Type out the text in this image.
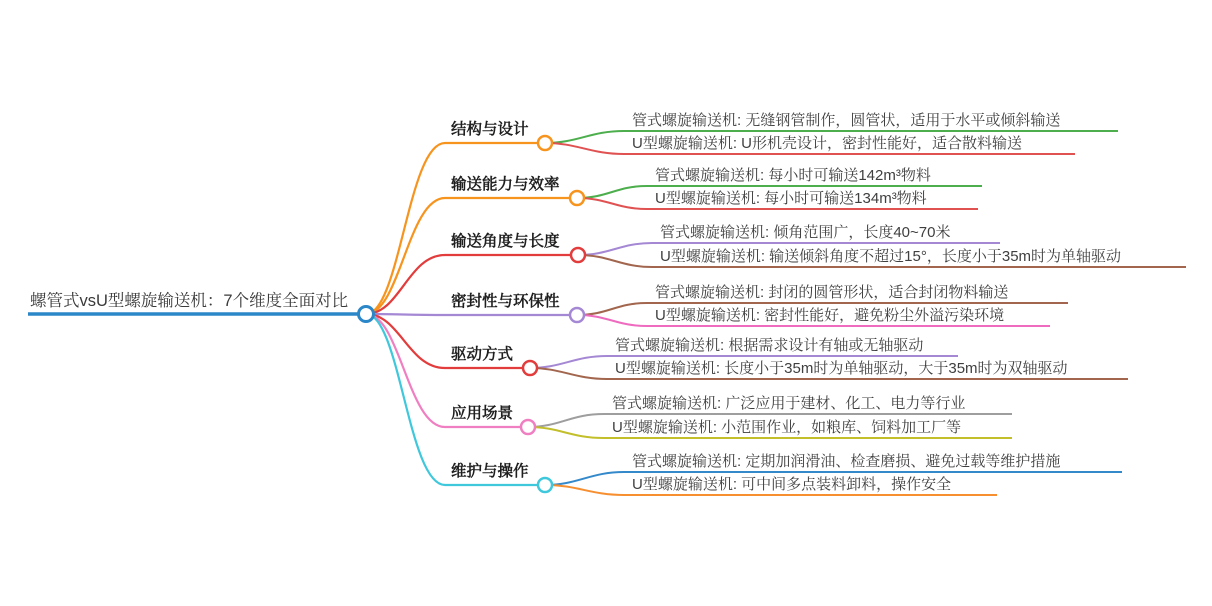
螺管式vsU型螺旋输送机：7个维度全面对比
结构与设计
输送能力与效率
输送角度与长度
密封性与环保性
驱动方式
应用场景
维护与操作
管式螺旋输送机: 无缝钢管制作，圆管状，适用于水平或倾斜输送
U型螺旋输送机: U形机壳设计，密封性能好，适合散料输送
管式螺旋输送机: 每小时可输送142m³物料
U型螺旋输送机: 每小时可输送134m³物料
管式螺旋输送机: 倾角范围广，长度40~70米
U型螺旋输送机: 输送倾斜角度不超过15°，长度小于35m时为单轴驱动
管式螺旋输送机: 封闭的圆管形状，适合封闭物料输送
U型螺旋输送机: 密封性能好，避免粉尘外溢污染环境
管式螺旋输送机: 根据需求设计有轴或无轴驱动
U型螺旋输送机: 长度小于35m时为单轴驱动，大于35m时为双轴驱动
管式螺旋输送机: 广泛应用于建材、化工、电力等行业
U型螺旋输送机: 小范围作业，如粮库、饲料加工厂等
管式螺旋输送机: 定期加润滑油、检查磨损、避免过载等维护措施
U型螺旋输送机: 可中间多点装料卸料，操作安全
